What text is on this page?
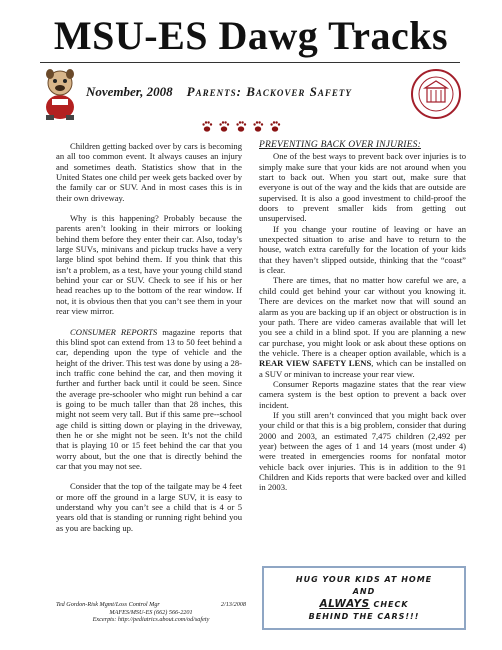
MSU-ES Dawg Tracks
November, 2008 Parents: Backover Safety

Children getting backed over by cars is becoming an all too common event. It always causes an injury and sometimes death. Statistics show that in the United States one child per week gets backed over by the family car or SUV. And in most cases this is in their own driveway.

Why is this happening? Probably because the parents aren’t looking in their mirrors or looking behind them before they enter their car. Also, today’s large SUVs, minivans and pickup trucks have a very large blind spot behind them. If you think that this isn’t a problem, as a test, have your young child stand behind your car or SUV. Check to see if his or her head reaches up to the bottom of the rear window. If not, it is obvious then that you can’t see them in your rear view mirror.

CONSUMER REPORTS magazine reports that this blind spot can extend from 13 to 50 feet behind a car, depending upon the type of vehicle and the height of the driver. This test was done by using a 28-inch traffic cone behind the car, and then moving it further and further back until it could be seen. Since the average pre-schooler who might run behind a car is going to be much taller than that 28 inches, this might not seem very tall. But if this same pre--school age child is sitting down or playing in the driveway, then he or she might not be seen. It’s not the child that is playing 10 or 15 feet behind the car that you worry about, but the one that is directly behind the car that you may not see.

Consider that the top of the tailgate may be 4 feet or more off the ground in a large SUV, it is easy to understand why you can’t see a child that is 4 or 5 years old that is standing or running right behind you as you are backing up.

PREVENTING BACK OVER INJURIES:

One of the best ways to prevent back over injuries is to simply make sure that your kids are not around when you start to back out. When you start out, make sure that everyone is out of the way and the kids that are outside are supervised. It is also a good investment to child-proof the doors to prevent smaller kids from getting out unsupervised.

If you change your routine of leaving or have an unexpected situation to arise and have to return to the house, watch extra carefully for the location of your kids that they haven’t slipped outside, thinking that the “coast” is clear.

There are times, that no matter how careful we are, a child could get behind your car without you knowing it. There are devices on the market now that will sound an alarm as you are backing up if an object or obstruction is in your path. There are video cameras available that will let you see a child in a blind spot. If you are planning a new car purchase, you might look or ask about these options on the vehicle. There is a cheaper option available, which is a REAR VIEW SAFETY LENS, which can be installed on a SUV or minivan to increase your rear view.

Consumer Reports magazine states that the rear view camera system is the best option to prevent a back over incident.

If you still aren’t convinced that you might back over your child or that this is a big problem, consider that during 2000 and 2003, an estimated 7,475 children (2,492 per year) between the ages of 1 and 14 years (most under 4) were treated in emergencies rooms for nonfatal motor vehicle back over injuries. This is in addition to the 91 Children and Kids reports that were backed over and killed in 2003.

Ted Gordon-Risk Mgmt/Loss Control Mgr	2/13/2008
MAFES/MSU-ES (662) 566-2201
Excerpts: http://pediatrics.about.com/od/safety
HUG YOUR KIDS AT HOME
AND
ALWAYS CHECK
BEHIND THE CARS!!!
